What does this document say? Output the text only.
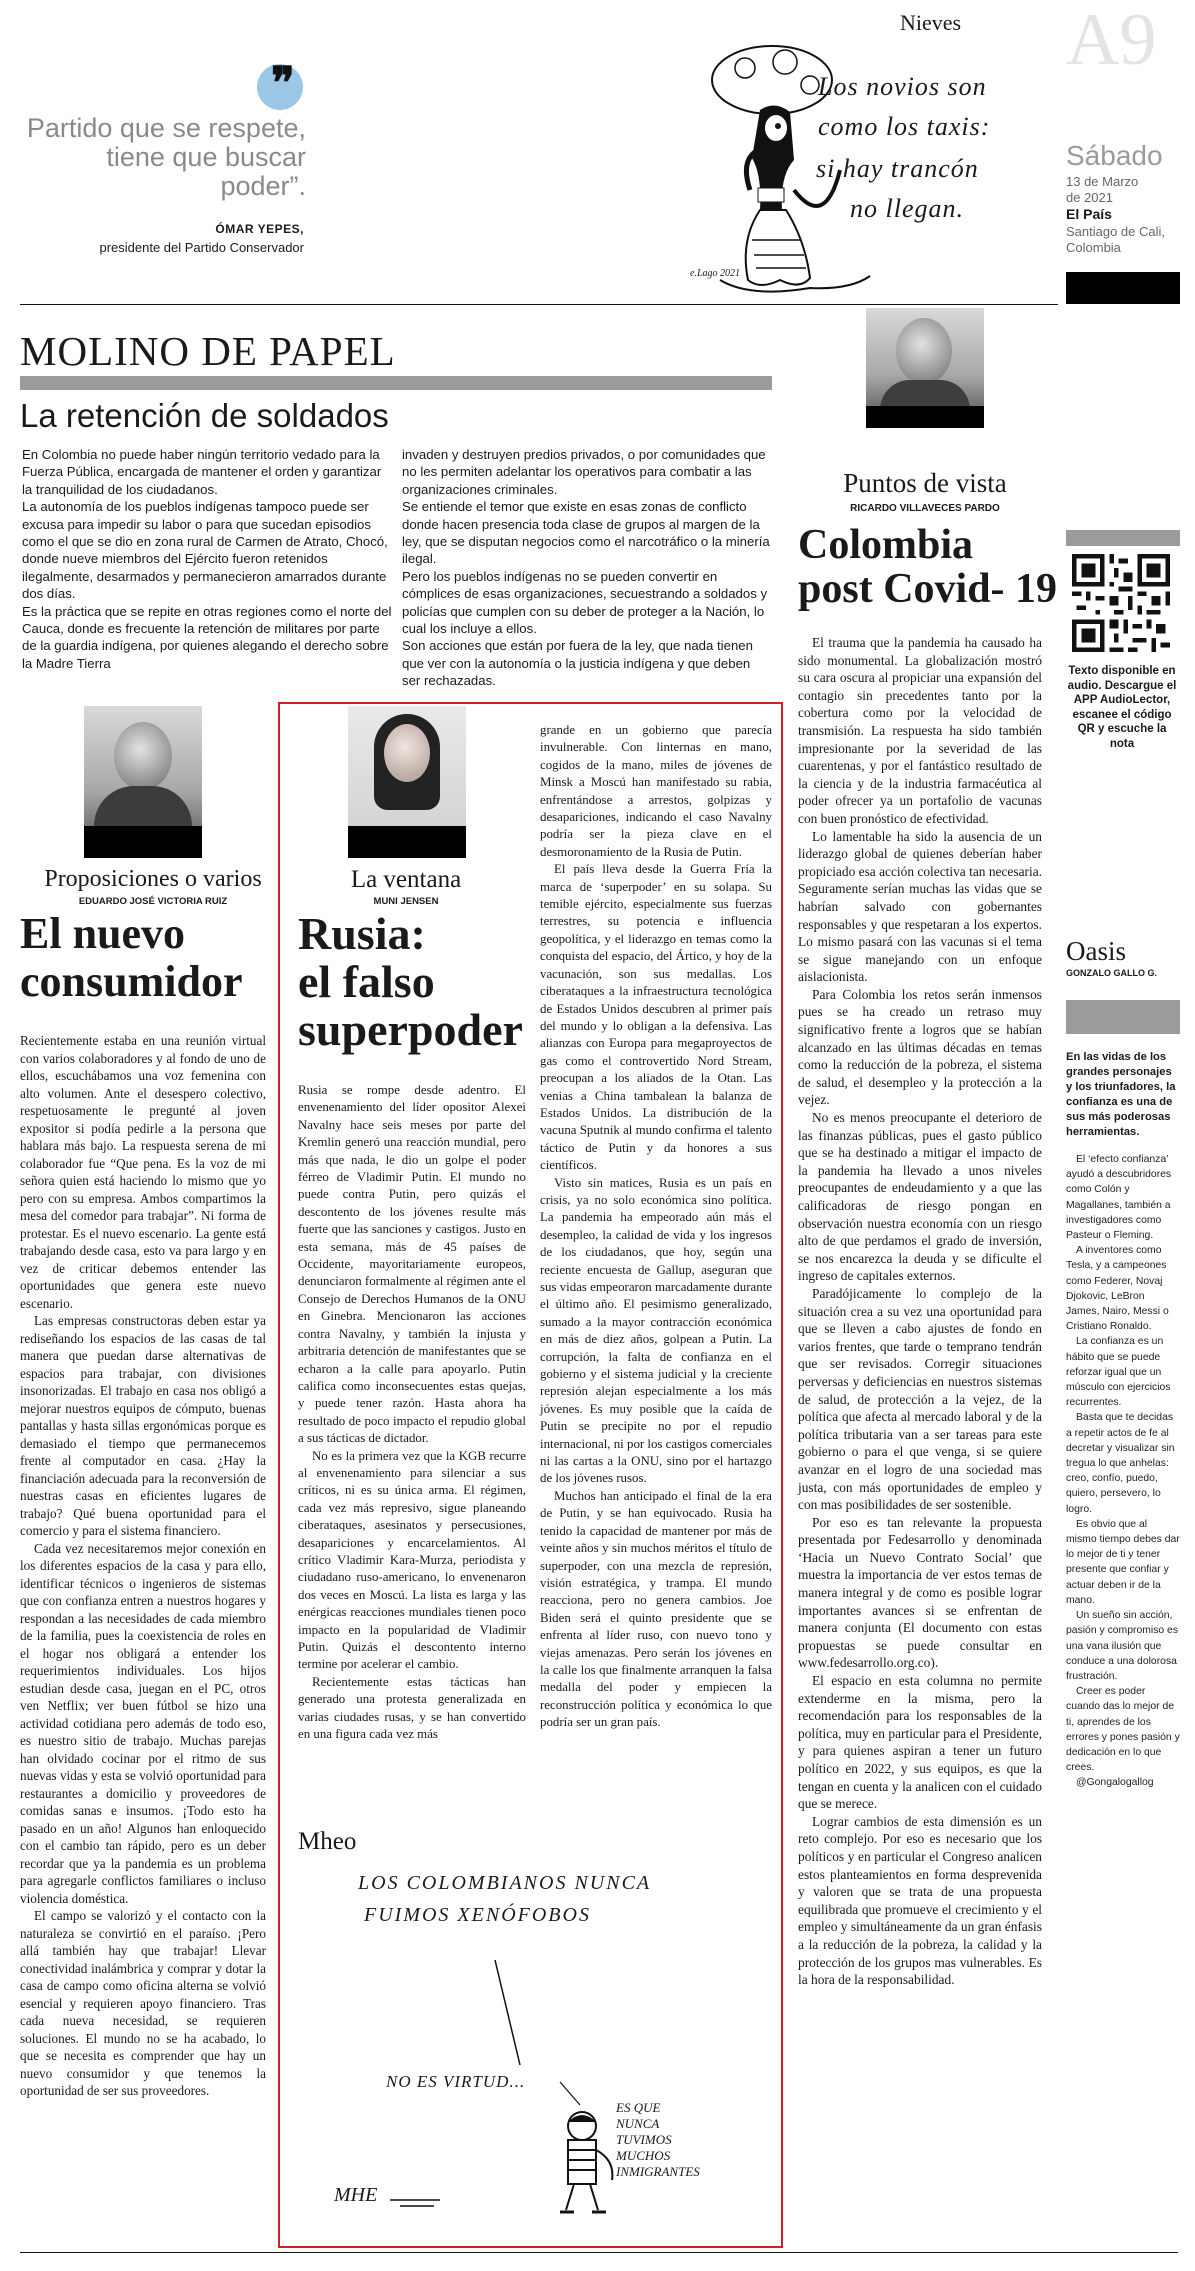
Nieves A9
❞
Partido que se respete, tiene que buscar poder”.
ÓMAR YEPES,
presidente del Partido Conservador
e.Lago 2021
Los novios son
como los taxis:
si hay trancón
no llegan.
Sábado
13 de Marzo
de 2021
El País
Santiago de Cali,
Colombia
MOLINO DE PAPEL
La retención de soldados

En Colombia no puede haber ningún territorio vedado para la Fuerza Pública, encargada de mantener el orden y garantizar la tranquilidad de los ciudadanos.

La autonomía de los pueblos indígenas tampoco puede ser excusa para impedir su labor o para que sucedan episodios como el que se dio en zona rural de Carmen de Atrato, Chocó, donde nueve miembros del Ejército fueron retenidos ilegalmente, desarmados y permanecieron amarrados durante dos días.

Es la práctica que se repite en otras regiones como el norte del Cauca, donde es frecuente la retención de militares por parte de la guardia indígena, por quienes alegando el derecho sobre la Madre Tierra

invaden y destruyen predios privados, o por comunidades que no les permiten adelantar los operativos para combatir a las organizaciones criminales.

Se entiende el temor que existe en esas zonas de conflicto donde hacen presencia toda clase de grupos al margen de la ley, que se disputan negocios como el narcotráfico o la minería ilegal.

Pero los pueblos indígenas no se pueden convertir en cómplices de esas organizaciones, secuestrando a soldados y policías que cumplen con su deber de proteger a la Nación, lo cual los incluye a ellos.

Son acciones que están por fuera de la ley, que nada tienen que ver con la autonomía o la justicia indígena y que deben ser rechazadas.

Puntos de vista
RICARDO VILLAVECES PARDO
Colombia
post Covid- 19

El trauma que la pandemia ha causado ha sido monumental. La globalización mostró su cara oscura al propiciar una expansión del contagio sin precedentes tanto por la cobertura como por la velocidad de transmisión. La respuesta ha sido también impresionante por la severidad de las cuarentenas, y por el fantástico resultado de la ciencia y de la industria farmacéutica al poder ofrecer ya un portafolio de vacunas con buen pronóstico de efectividad.

Lo lamentable ha sido la ausencia de un liderazgo global de quienes deberían haber propiciado esa acción colectiva tan necesaria. Seguramente serían muchas las vidas que se habrían salvado con gobernantes responsables y que respetaran a los expertos. Lo mismo pasará con las vacunas si el tema se sigue manejando con un enfoque aislacionista.

Para Colombia los retos serán inmensos pues se ha creado un retraso muy significativo frente a logros que se habían alcanzado en las últimas décadas en temas como la reducción de la pobreza, el sistema de salud, el desempleo y la protección a la vejez.

No es menos preocupante el deterioro de las finanzas públicas, pues el gasto público que se ha destinado a mitigar el impacto de la pandemia ha llevado a unos niveles preocupantes de endeudamiento y a que las calificadoras de riesgo pongan en observación nuestra economía con un riesgo alto de que perdamos el grado de inversión, se nos encarezca la deuda y se dificulte el ingreso de capitales externos.

Paradójicamente lo complejo de la situación crea a su vez una oportunidad para que se lleven a cabo ajustes de fondo en varios frentes, que tarde o temprano tendrán que ser revisados. Corregir situaciones perversas y deficiencias en nuestros sistemas de salud, de protección a la vejez, de la política que afecta al mercado laboral y de la política tributaria van a ser tareas para este gobierno o para el que venga, si se quiere avanzar en el logro de una sociedad mas justa, con más oportunidades de empleo y con mas posibilidades de ser sostenible.

Por eso es tan relevante la propuesta presentada por Fedesarrollo y denominada ‘Hacia un Nuevo Contrato Social’ que muestra la importancia de ver estos temas de manera integral y de como es posible lograr importantes avances si se enfrentan de manera conjunta (El documento con estas propuestas se puede consultar en www.fedesarrollo.org.co).

El espacio en esta columna no permite extenderme en la misma, pero la recomendación para los responsables de la política, muy en particular para el Presidente, y para quienes aspiran a tener un futuro político en 2022, y sus equipos, es que la tengan en cuenta y la analicen con el cuidado que se merece.

Lograr cambios de esta dimensión es un reto complejo. Por eso es necesario que los políticos y en particular el Congreso analicen estos planteamientos en forma desprevenida y valoren que se trata de una propuesta equilibrada que promueve el crecimiento y el empleo y simultáneamente da un gran énfasis a la reducción de la pobreza, la calidad y la protección de los grupos mas vulnerables. Es la hora de la responsabilidad.

Texto disponible en audio. Descargue el APP AudioLector, escanee el código QR y escuche la nota
Oasis
GONZALO GALLO G.
En las vidas de los grandes personajes y los triunfadores, la confianza es una de sus más poderosas herramientas.

El ‘efecto confianza’ ayudó a descubridores como Colón y Magallanes, también a investigadores como Pasteur o Fleming.

A inventores como Tesla, y a campeones como Federer, Novaj Djokovic, LeBron James, Nairo, Messi o Cristiano Ronaldo.

La confianza es un hábito que se puede reforzar igual que un músculo con ejercicios recurrentes.

Basta que te decidas a repetir actos de fe al decretar y visualizar sin tregua lo que anhelas: creo, confío, puedo, quiero, persevero, lo logro.

Es obvio que al mismo tiempo debes dar lo mejor de ti y tener presente que confiar y actuar deben ir de la mano.

Un sueño sin acción, pasión y compromiso es una vana ilusión que conduce a una dolorosa frustración.

Creer es poder cuando das lo mejor de ti, aprendes de los errores y pones pasión y dedicación en lo que crees.

@Gongalogallog

Proposiciones o varios
EDUARDO JOSÉ VICTORIA RUIZ
El nuevo
consumidor

Recientemente estaba en una reunión virtual con varios colaboradores y al fondo de uno de ellos, escuchábamos una voz femenina con alto volumen. Ante el desespero colectivo, respetuosamente le pregunté al joven expositor si podía pedirle a la persona que hablara más bajo. La respuesta serena de mi colaborador fue “Que pena. Es la voz de mi señora quien está haciendo lo mismo que yo pero con su empresa. Ambos compartimos la mesa del comedor para trabajar”. Ni forma de protestar. Es el nuevo escenario. La gente está trabajando desde casa, esto va para largo y en vez de criticar debemos entender las oportunidades que genera este nuevo escenario.

Las empresas constructoras deben estar ya rediseñando los espacios de las casas de tal manera que puedan darse alternativas de espacios para trabajar, con divisiones insonorizadas. El trabajo en casa nos obligó a mejorar nuestros equipos de cómputo, buenas pantallas y hasta sillas ergonómicas porque es demasiado el tiempo que permanecemos frente al computador en casa. ¿Hay la financiación adecuada para la reconversión de nuestras casas en eficientes lugares de trabajo? Qué buena oportunidad para el comercio y para el sistema financiero.

Cada vez necesitaremos mejor conexión en los diferentes espacios de la casa y para ello, identificar técnicos o ingenieros de sistemas que con confianza entren a nuestros hogares y respondan a las necesidades de cada miembro de la familia, pues la coexistencia de roles en el hogar nos obligará a entender los requerimientos individuales. Los hijos estudian desde casa, juegan en el PC, otros ven Netflix; ver buen fútbol se hizo una actividad cotidiana pero además de todo eso, es nuestro sitio de trabajo. Muchas parejas han olvidado cocinar por el ritmo de sus nuevas vidas y esta se volvió oportunidad para restaurantes a domicilio y proveedores de comidas sanas e insumos. ¡Todo esto ha pasado en un año! Algunos han enloquecido con el cambio tan rápido, pero es un deber recordar que ya la pandemia es un problema para agregarle conflictos familiares o incluso violencia doméstica.

El campo se valorizó y el contacto con la naturaleza se convirtió en el paraíso. ¡Pero allá también hay que trabajar! Llevar conectividad inalámbrica y comprar y dotar la casa de campo como oficina alterna se volvió esencial y requieren apoyo financiero. Tras cada nueva necesidad, se requieren soluciones. El mundo no se ha acabado, lo que se necesita es comprender que hay un nuevo consumidor y que tenemos la oportunidad de ser sus proveedores.

La ventana
MUNI JENSEN
Rusia:
el falso
superpoder

Rusia se rompe desde adentro. El envenenamiento del líder opositor Alexei Navalny hace seis meses por parte del Kremlin generó una reacción mundial, pero más que nada, le dio un golpe el poder férreo de Vladimir Putin. El mundo no puede contra Putin, pero quizás el descontento de los jóvenes resulte más fuerte que las sanciones y castigos. Justo en esta semana, más de 45 países de Occidente, mayoritariamente europeos, denunciaron formalmente al régimen ante el Consejo de Derechos Humanos de la ONU en Ginebra. Mencionaron las acciones contra Navalny, y también la injusta y arbitraria detención de manifestantes que se echaron a la calle para apoyarlo. Putin califica como inconsecuentes estas quejas, y puede tener razón. Hasta ahora ha resultado de poco impacto el repudio global a sus tácticas de dictador.

No es la primera vez que la KGB recurre al envenenamiento para silenciar a sus críticos, ni es su única arma. El régimen, cada vez más represivo, sigue planeando ciberataques, asesinatos y persecusiones, desapariciones y encarcelamientos. Al crítico Vladimir Kara-Murza, periodista y ciudadano ruso-americano, lo envenenaron dos veces en Moscú. La lista es larga y las enérgicas reacciones mundiales tienen poco impacto en la popularidad de Vladimir Putin. Quizás el descontento interno termine por acelerar el cambio.

Recientemente estas tácticas han generado una protesta generalizada en varias ciudades rusas, y se han convertido en una figura cada vez más

grande en un gobierno que parecía invulnerable. Con linternas en mano, cogidos de la mano, miles de jóvenes de Minsk a Moscú han manifestado su rabia, enfrentándose a arrestos, golpizas y desapariciones, indicando el caso Navalny podría ser la pieza clave en el desmoronamiento de la Rusia de Putin.

El país lleva desde la Guerra Fría la marca de ‘superpoder’ en su solapa. Su temible ejército, especialmente sus fuerzas terrestres, su potencia e influencia geopolítica, y el liderazgo en temas como la conquista del espacio, del Ártico, y hoy de la vacunación, son sus medallas. Los ciberataques a la infraestructura tecnológica de Estados Unidos descubren al primer país del mundo y lo obligan a la defensiva. Las alianzas con Europa para megaproyectos de gas como el controvertido Nord Stream, preocupan a los aliados de la Otan. Las venias a China tambalean la balanza de Estados Unidos. La distribución de la vacuna Sputnik al mundo confirma el talento táctico de Putin y da honores a sus científicos.

Visto sin matices, Rusia es un país en crisis, ya no solo económica sino política. La pandemia ha empeorado aún más el desempleo, la calidad de vida y los ingresos de los ciudadanos, que hoy, según una reciente encuesta de Gallup, aseguran que sus vidas empeoraron marcadamente durante el último año. El pesimismo generalizado, sumado a la mayor contracción económica en más de diez años, golpean a Putin. La corrupción, la falta de confianza en el gobierno y el sistema judicial y la creciente represión alejan especialmente a los más jóvenes. Es muy posible que la caída de Putin se precipite no por el repudio internacional, ni por los castigos comerciales ni las cartas a la ONU, sino por el hartazgo de los jóvenes rusos.

Muchos han anticipado el final de la era de Putin, y se han equivocado. Rusia ha tenido la capacidad de mantener por más de veinte años y sin muchos méritos el título de superpoder, con una mezcla de represión, visión estratégica, y trampa. El mundo reacciona, pero no genera cambios. Joe Biden será el quinto presidente que se enfrenta al líder ruso, con nuevo tono y viejas amenazas. Pero serán los jóvenes en la calle los que finalmente arranquen la falsa medalla del poder y empiecen la reconstrucción política y económica lo que podría ser un gran país.

Mheo
LOS COLOMBIANOS NUNCA
FUIMOS XENÓFOBOS
NO ES VIRTUD...
ES QUE
NUNCA
TUVIMOS
MUCHOS
INMIGRANTES
MHE
